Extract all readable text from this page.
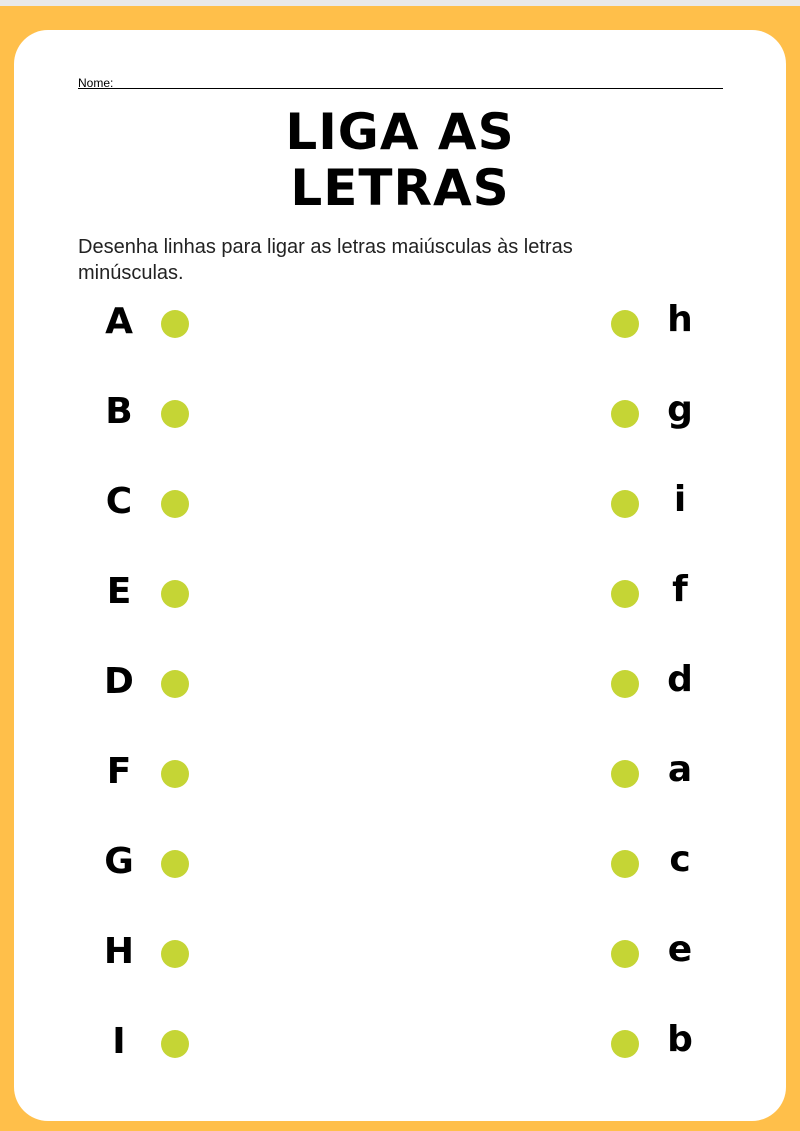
Nome:
LIGA AS
LETRAS
Desenha linhas para ligar as letras maiúsculas às letras minúsculas.
A
B
C
E
D
F
G
H
I
h
g
i
f
d
a
c
e
b
